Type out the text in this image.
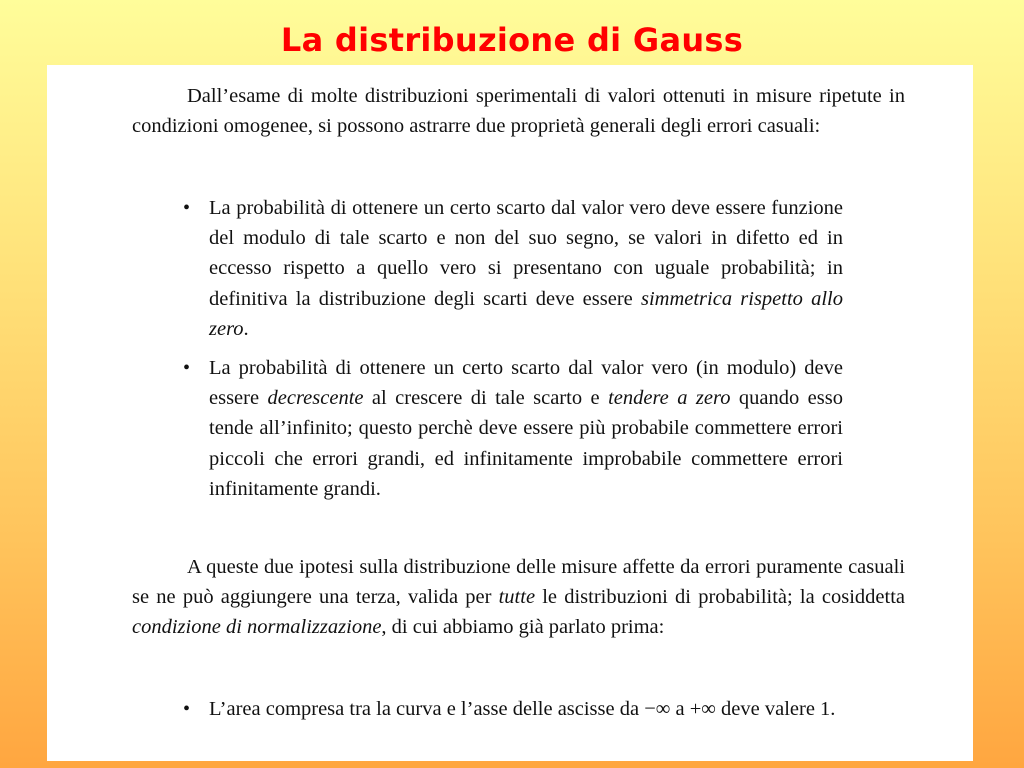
La distribuzione di Gauss

Dall’esame di molte distribuzioni sperimentali di valori ottenuti in misure ripetute in condizioni omogenee, si possono astrarre due proprietà generali degli errori casuali:

• La probabilità di ottenere un certo scarto dal valor vero deve essere funzione del modulo di tale scarto e non del suo segno, se valori in difetto ed in eccesso rispetto a quello vero si presentano con uguale probabilità; in definitiva la distribuzione degli scarti deve essere simmetrica rispetto allo zero.

• La probabilità di ottenere un certo scarto dal valor vero (in modulo) deve essere decrescente al crescere di tale scarto e tendere a zero quando esso tende all’infinito; questo perchè deve essere più probabile commettere errori piccoli che errori grandi, ed infinitamente improbabile commettere errori infinitamente grandi.

A queste due ipotesi sulla distribuzione delle misure affette da errori puramente casuali se ne può aggiungere una terza, valida per tutte le distribuzioni di probabilità; la cosiddetta condizione di normalizzazione, di cui abbiamo già parlato prima:

• L’area compresa tra la curva e l’asse delle ascisse da −∞ a +∞ deve valere 1.
